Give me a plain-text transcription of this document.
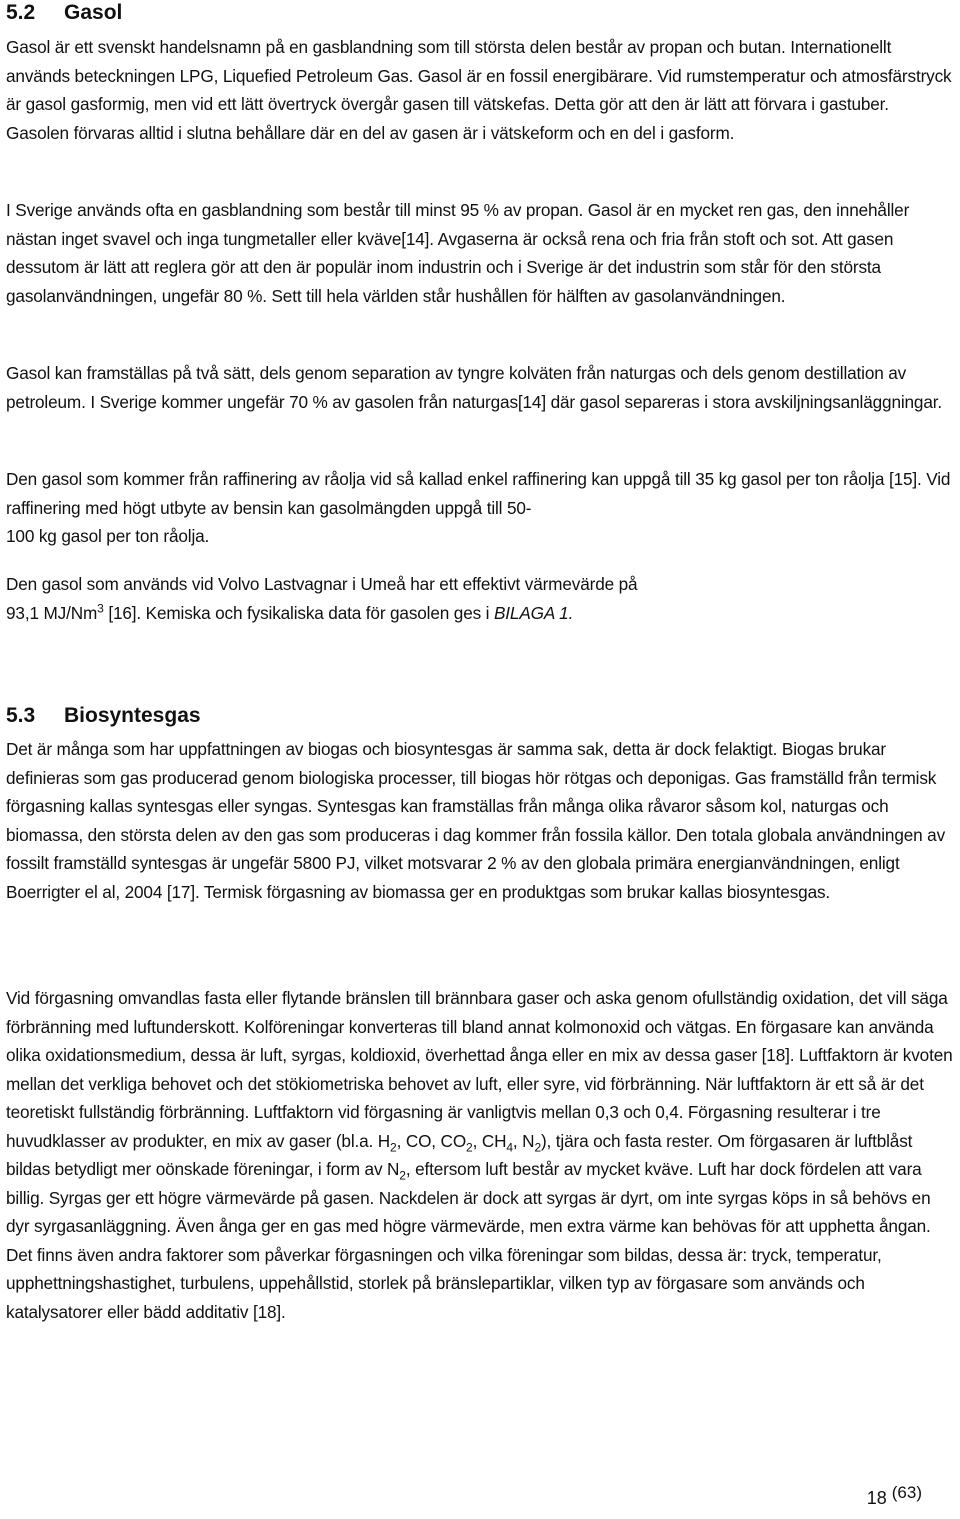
5.2	Gasol

Gasol är ett svenskt handelsnamn på en gasblandning som till största delen består av propan och butan. Internationellt används beteckningen LPG, Liquefied Petroleum Gas. Gasol är en fossil energibärare. Vid rumstemperatur och atmosfärstryck är gasol gasformig, men vid ett lätt övertryck övergår gasen till vätskefas. Detta gör att den är lätt att förvara i gastuber. Gasolen förvaras alltid i slutna behållare där en del av gasen är i vätskeform och en del i gasform.

I Sverige används ofta en gasblandning som består till minst 95 % av propan. Gasol är en mycket ren gas, den innehåller nästan inget svavel och inga tungmetaller eller kväve[14]. Avgaserna är också rena och fria från stoft och sot. Att gasen dessutom är lätt att reglera gör att den är populär inom industrin och i Sverige är det industrin som står för den största gasolanvändningen, ungefär 80 %. Sett till hela världen står hushållen för hälften av gasolanvändningen.

Gasol kan framställas på två sätt, dels genom separation av tyngre kolväten från naturgas och dels genom destillation av petroleum. I Sverige kommer ungefär 70 % av gasolen från naturgas[14] där gasol separeras i stora avskiljningsanläggningar.

Den gasol som kommer från raffinering av råolja vid så kallad enkel raffinering kan uppgå till 35 kg gasol per ton råolja [15]. Vid raffinering med högt utbyte av bensin kan gasolmängden uppgå till 50-
100 kg gasol per ton råolja.

Den gasol som används vid Volvo Lastvagnar i Umeå har ett effektivt värmevärde på
93,1 MJ/Nm$^3$ [16]. Kemiska och fysikaliska data för gasolen ges i BILAGA 1.

5.3	Biosyntesgas

Det är många som har uppfattningen av biogas och biosyntesgas är samma sak, detta är dock felaktigt. Biogas brukar definieras som gas producerad genom biologiska processer, till biogas hör rötgas och deponigas. Gas framställd från termisk förgasning kallas syntesgas eller syngas. Syntesgas kan framställas från många olika råvaror såsom kol, naturgas och biomassa, den största delen av den gas som produceras i dag kommer från fossila källor. Den totala globala användningen av fossilt framställd syntesgas är ungefär 5800 PJ, vilket motsvarar 2 % av den globala primära energianvändningen, enligt Boerrigter el al, 2004 [17]. Termisk förgasning av biomassa ger en produktgas som brukar kallas biosyntesgas.

Vid förgasning omvandlas fasta eller flytande bränslen till brännbara gaser och aska genom ofullständig oxidation, det vill säga förbränning med luftunderskott. Kolföreningar konverteras till bland annat kolmonoxid och vätgas. En förgasare kan använda olika oxidationsmedium, dessa är luft, syrgas, koldioxid, överhettad ånga eller en mix av dessa gaser [18]. Luftfaktorn är kvoten mellan det verkliga behovet och det stökiometriska behovet av luft, eller syre, vid förbränning. När luftfaktorn är ett så är det teoretiskt fullständig förbränning. Luftfaktorn vid förgasning är vanligtvis mellan 0,3 och 0,4. Förgasning resulterar i tre huvudklasser av produkter, en mix av gaser (bl.a. $H_2$, CO, $CO_2$, $CH_4$, $N_2$), tjära och fasta rester. Om förgasaren är luftblåst bildas betydligt mer oönskade föreningar, i form av $N_2$, eftersom luft består av mycket kväve. Luft har dock fördelen att vara billig. Syrgas ger ett högre värmevärde på gasen. Nackdelen är dock att syrgas är dyrt, om inte syrgas köps in så behövs en dyr syrgasanläggning. Även ånga ger en gas med högre värmevärde, men extra värme kan behövas för att upphetta ångan. Det finns även andra faktorer som påverkar förgasningen och vilka föreningar som bildas, dessa är: tryck, temperatur, upphettningshastighet, turbulens, uppehållstid, storlek på bränslepartiklar, vilken typ av förgasare som används och katalysatorer eller bädd additativ [18].

18 (63)
